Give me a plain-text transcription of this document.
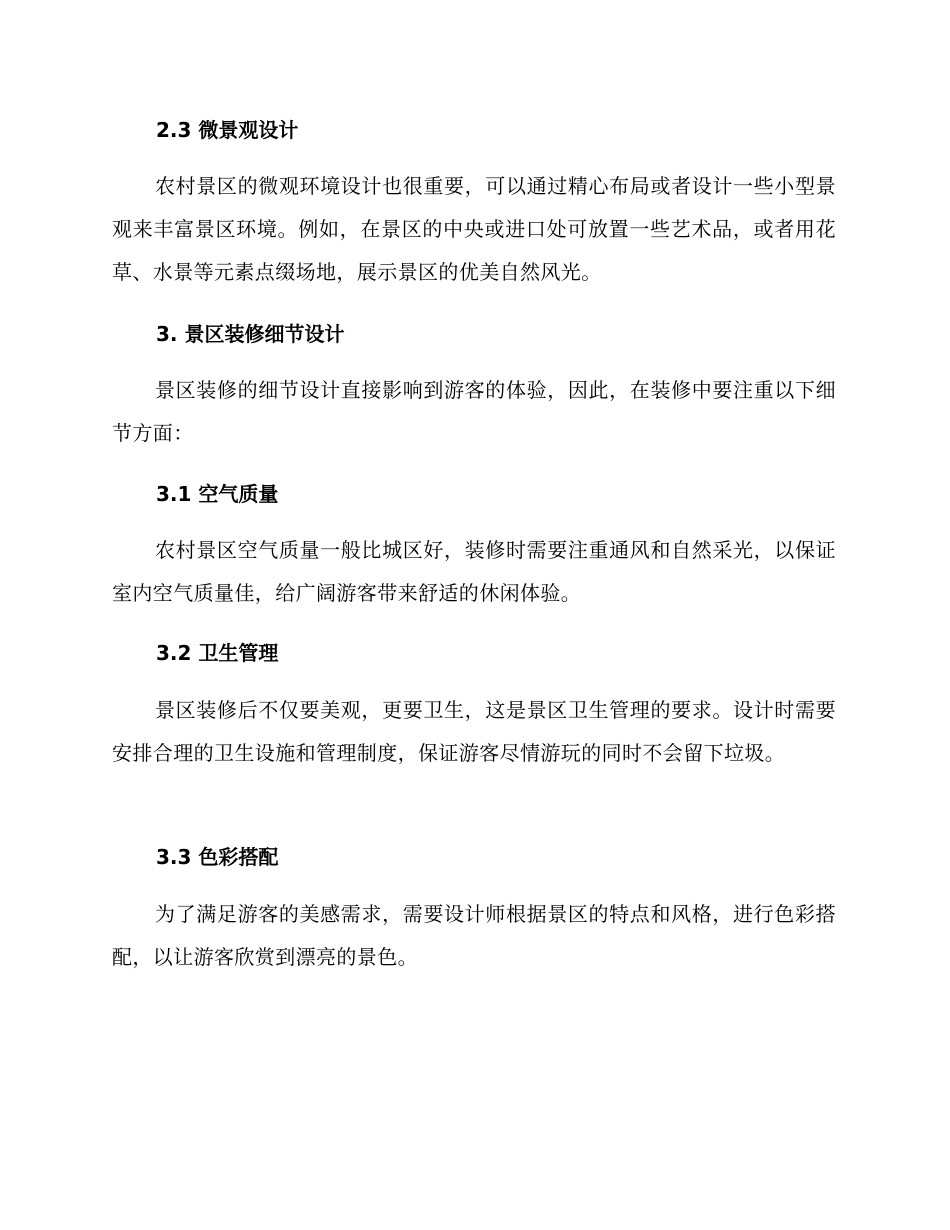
2.3 微景观设计

农村景区的微观环境设计也很重要，可以通过精心布局或者设计一些小型景观来丰富景区环境。例如，在景区的中央或进口处可放置一些艺术品，或者用花草、水景等元素点缀场地，展示景区的优美自然风光。

3. 景区装修细节设计

景区装修的细节设计直接影响到游客的体验，因此，在装修中要注重以下细节方面：

3.1 空气质量

农村景区空气质量一般比城区好，装修时需要注重通风和自然采光，以保证室内空气质量佳，给广阔游客带来舒适的休闲体验。

3.2 卫生管理

景区装修后不仅要美观，更要卫生，这是景区卫生管理的要求。设计时需要安排合理的卫生设施和管理制度，保证游客尽情游玩的同时不会留下垃圾。

3.3 色彩搭配

为了满足游客的美感需求，需要设计师根据景区的特点和风格，进行色彩搭配，以让游客欣赏到漂亮的景色。
